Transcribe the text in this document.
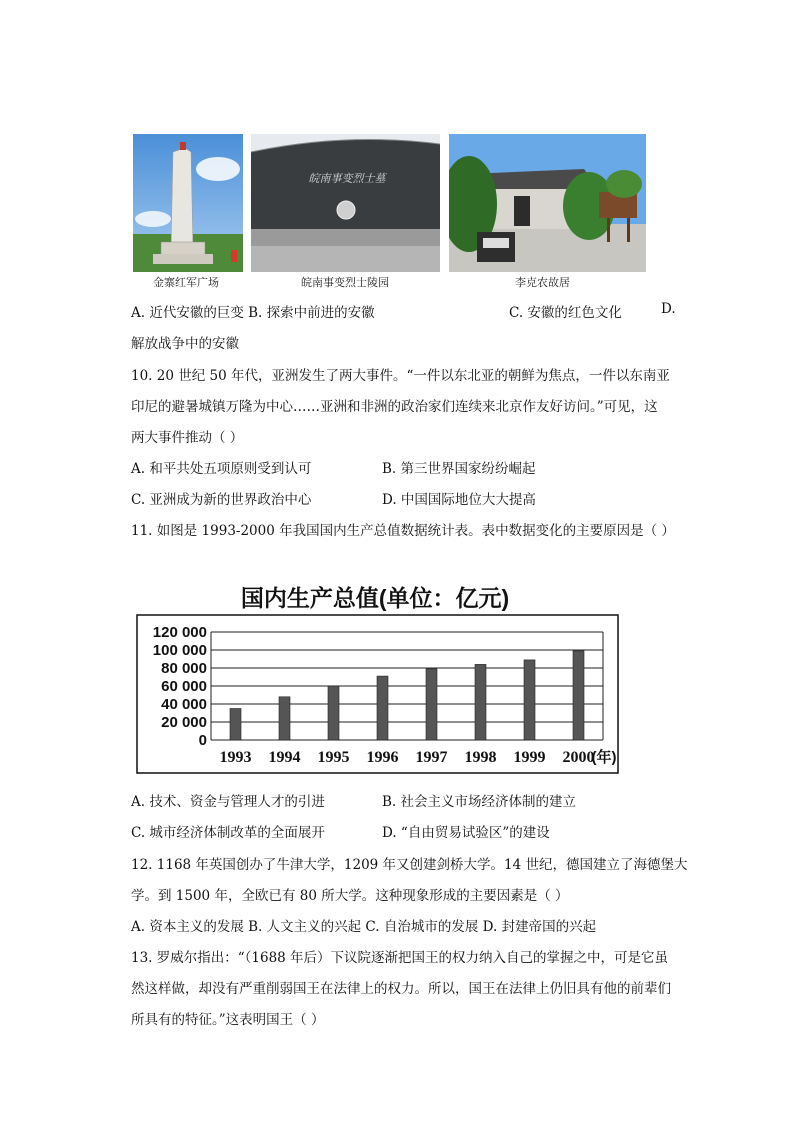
皖南事变烈士墓
金寨红军广场	皖南事变烈士陵园	李克农故居
A. 近代安徽的巨变 B. 探索中前进的安徽	C. 安徽的红色文化	D.
解放战争中的安徽
10. 20 世纪 50 年代，亚洲发生了两大事件。“一件以东北亚的朝鲜为焦点，一件以东南亚
印尼的避暑城镇万隆为中心……亚洲和非洲的政治家们连续来北京作友好访问。”可见，这
两大事件推动（ ）
A. 和平共处五项原则受到认可	B. 第三世界国家纷纷崛起
C. 亚洲成为新的世界政治中心	D. 中国国际地位大大提高
11. 如图是 1993-2000 年我国国内生产总值数据统计表。表中数据变化的主要原因是（ ）
国内生产总值(单位：亿元)
0
20 000
40 000
60 000
80 000
100 000
120 000
1993 1994 1995 1996 1997 1998 1999 2000
(年)
A. 技术、资金与管理人才的引进	B. 社会主义市场经济体制的建立
C. 城市经济体制改革的全面展开	D. “自由贸易试验区”的建设
12. 1168 年英国创办了牛津大学，1209 年又创建剑桥大学。14 世纪，德国建立了海德堡大
学。到 1500 年，全欧已有 80 所大学。这种现象形成的主要因素是（ ）
A. 资本主义的发展 B. 人文主义的兴起 C. 自治城市的发展 D. 封建帝国的兴起
13. 罗威尔指出：“（1688 年后）下议院逐渐把国王的权力纳入自己的掌握之中，可是它虽
然这样做，却没有严重削弱国王在法律上的权力。所以，国王在法律上仍旧具有他的前辈们
所具有的特征。”这表明国王（ ）
